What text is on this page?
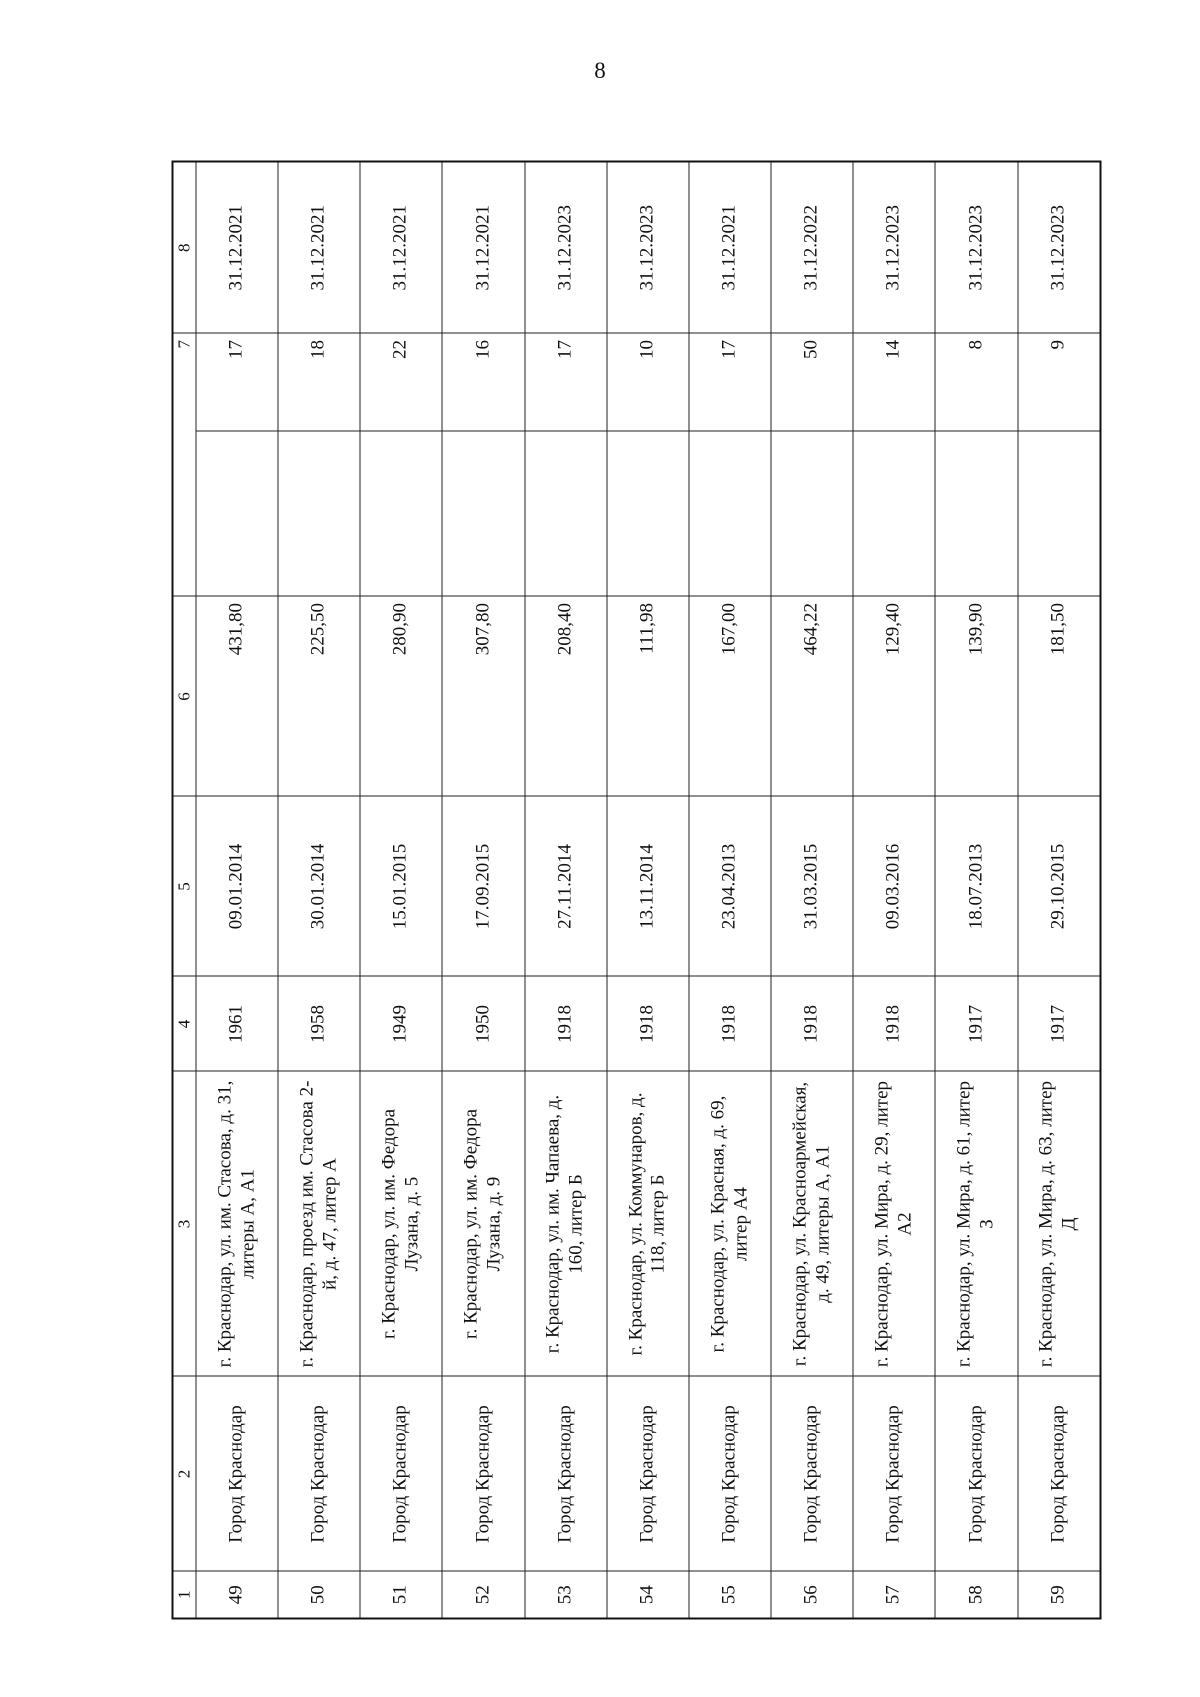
8
1	2	3	4	5	6	7		8
49	Город Краснодар	г. Краснодар, ул. им. Стасова, д. 31, литеры А, А1	1961	09.01.2014	431,80		17	31.12.2021
50	Город Краснодар	г. Краснодар, проезд им. Стасова 2-й, д. 47, литер А	1958	30.01.2014	225,50		18	31.12.2021
51	Город Краснодар	г. Краснодар, ул. им. Федора Лузана, д. 5	1949	15.01.2015	280,90		22	31.12.2021
52	Город Краснодар	г. Краснодар, ул. им. Федора Лузана, д. 9	1950	17.09.2015	307,80		16	31.12.2021
53	Город Краснодар	г. Краснодар, ул. им. Чапаева, д. 160, литер Б	1918	27.11.2014	208,40		17	31.12.2023
54	Город Краснодар	г. Краснодар, ул. Коммунаров, д. 118, литер Б	1918	13.11.2014	111,98		10	31.12.2023
55	Город Краснодар	г. Краснодар, ул. Красная, д. 69, литер А4	1918	23.04.2013	167,00		17	31.12.2021
56	Город Краснодар	г. Краснодар, ул. Красноармейская, д. 49, литеры А, А1	1918	31.03.2015	464,22		50	31.12.2022
57	Город Краснодар	г. Краснодар, ул. Мира, д. 29, литер А2	1918	09.03.2016	129,40		14	31.12.2023
58	Город Краснодар	г. Краснодар, ул. Мира, д. 61, литер З	1917	18.07.2013	139,90		8	31.12.2023
59	Город Краснодар	г. Краснодар, ул. Мира, д. 63, литер Д	1917	29.10.2015	181,50		9	31.12.2023
